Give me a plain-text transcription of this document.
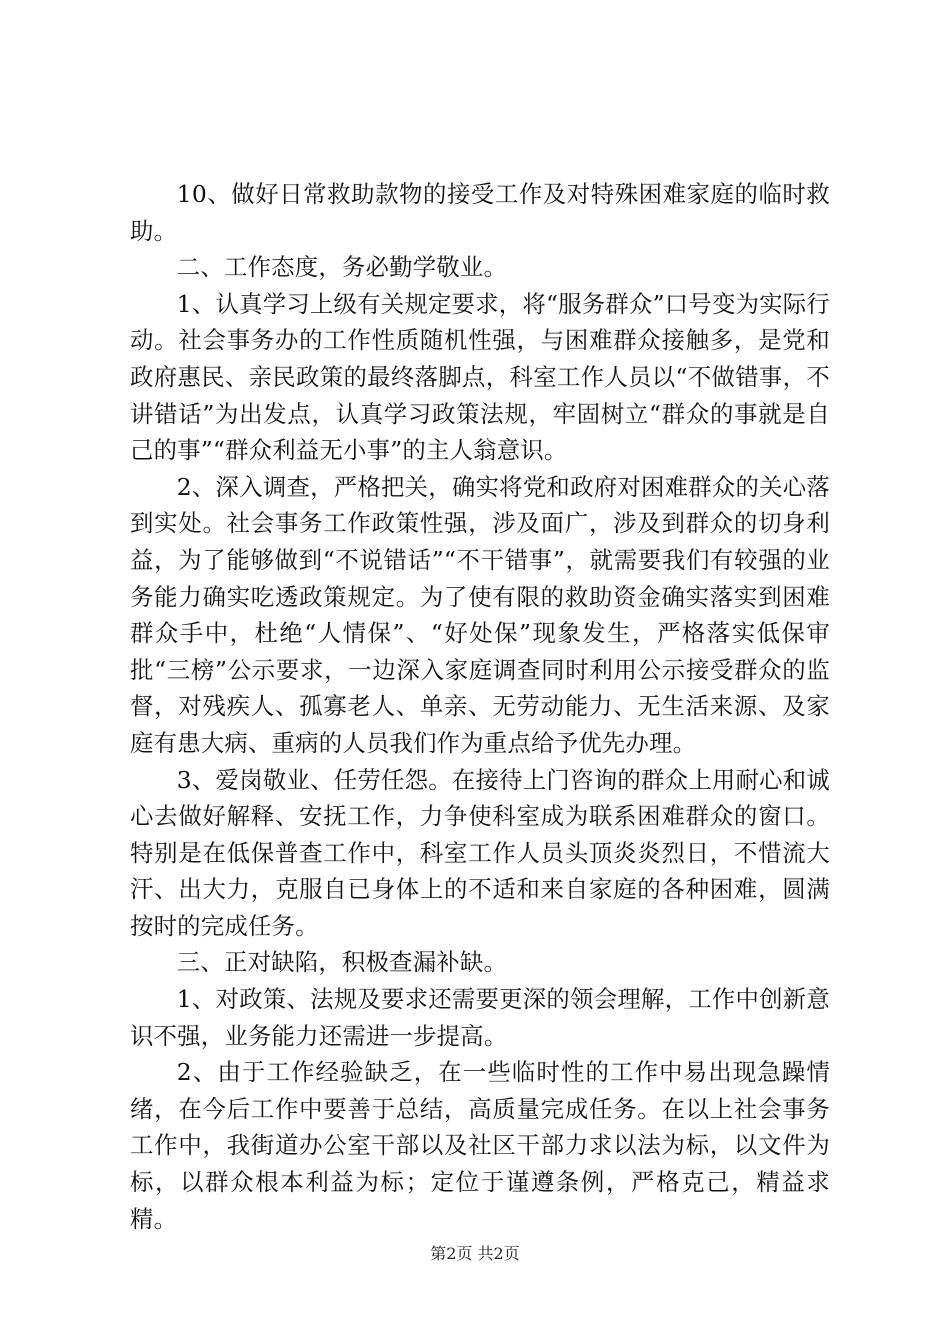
10、做好日常救助款物的接受工作及对特殊困难家庭的临时救助。

二、工作态度，务必勤学敬业。

1、认真学习上级有关规定要求，将“服务群众”口号变为实际行动。社会事务办的工作性质随机性强，与困难群众接触多，是党和政府惠民、亲民政策的最终落脚点，科室工作人员以“不做错事，不讲错话”为出发点，认真学习政策法规，牢固树立“群众的事就是自己的事”“群众利益无小事”的主人翁意识。

2、深入调查，严格把关，确实将党和政府对困难群众的关心落到实处。社会事务工作政策性强，涉及面广，涉及到群众的切身利益，为了能够做到“不说错话”“不干错事”，就需要我们有较强的业务能力确实吃透政策规定。为了使有限的救助资金确实落实到困难群众手中，杜绝“人情保”、“好处保”现象发生，严格落实低保审批“三榜”公示要求，一边深入家庭调查同时利用公示接受群众的监督，对残疾人、孤寡老人、单亲、无劳动能力、无生活来源、及家庭有患大病、重病的人员我们作为重点给予优先办理。

3、爱岗敬业、任劳任怨。在接待上门咨询的群众上用耐心和诚心去做好解释、安抚工作，力争使科室成为联系困难群众的窗口。特别是在低保普查工作中，科室工作人员头顶炎炎烈日，不惜流大汗、出大力，克服自已身体上的不适和来自家庭的各种困难，圆满按时的完成任务。

三、正对缺陷，积极查漏补缺。

1、对政策、法规及要求还需要更深的领会理解，工作中创新意识不强，业务能力还需进一步提高。

2、由于工作经验缺乏，在一些临时性的工作中易出现急躁情绪，在今后工作中要善于总结，高质量完成任务。在以上社会事务工作中，我街道办公室干部以及社区干部力求以法为标，以文件为标，以群众根本利益为标；定位于谨遵条例，严格克己，精益求精。

第2页 共2页
